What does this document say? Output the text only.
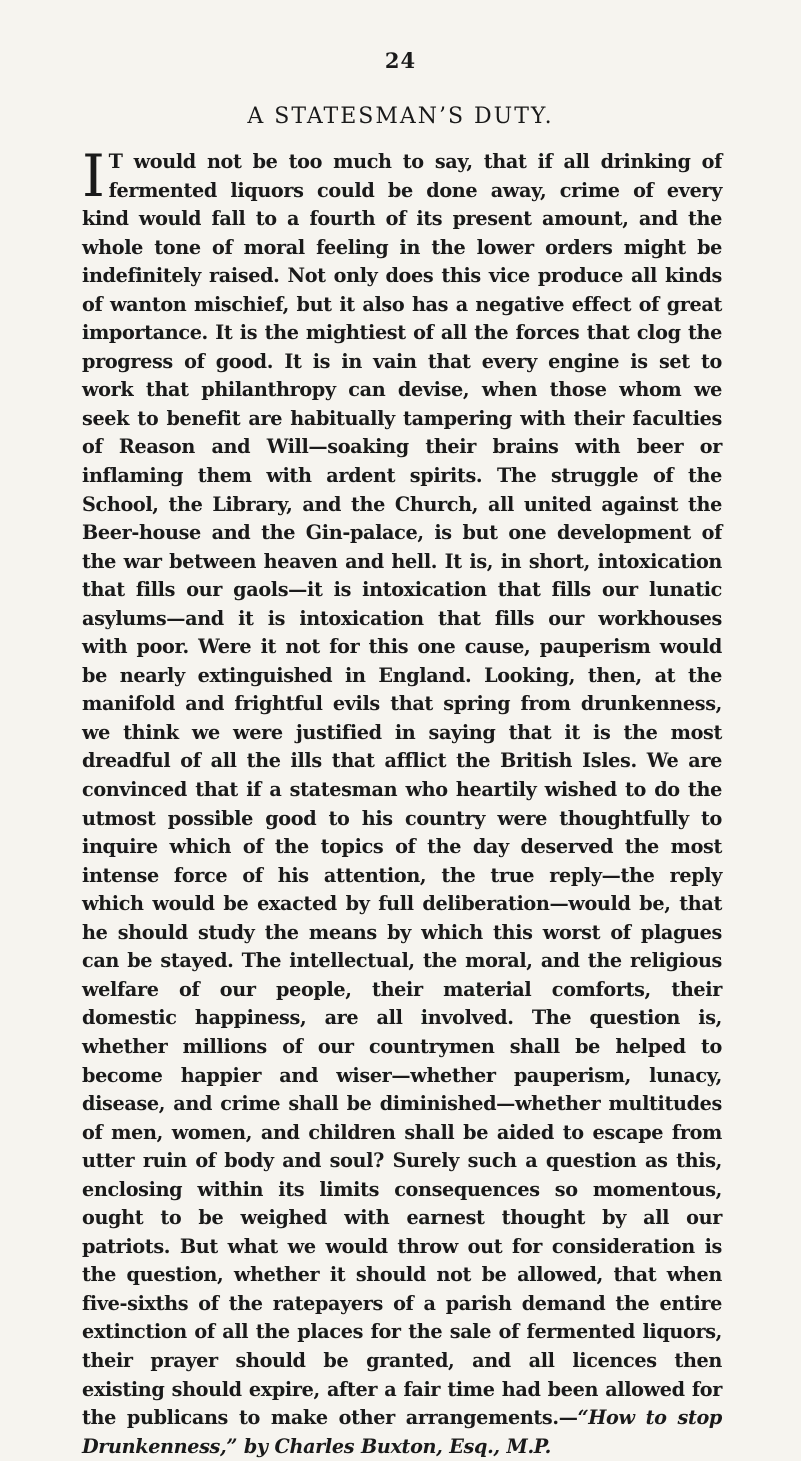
24
A STATESMAN’S DUTY.
I T would not be too much to say, that if all drinking of fermented liquors could be done away, crime of every kind would fall to a fourth of its present amount, and the whole tone of moral feeling in the lower orders might be indefinitely raised. Not only does this vice produce all kinds of wanton mischief, but it also has a negative effect of great importance. It is the mightiest of all the forces that clog the progress of good. It is in vain that every engine is set to work that philanthropy can devise, when those whom we seek to benefit are habitually tampering with their faculties of Reason and Will—soaking their brains with beer or inflaming them with ardent spirits. The struggle of the School, the Library, and the Church, all united against the Beer-house and the Gin-palace, is but one development of the war between heaven and hell. It is, in short, intoxication that fills our gaols—it is intoxication that fills our lunatic asylums—and it is intoxication that fills our workhouses with poor. Were it not for this one cause, pauperism would be nearly extinguished in England. Looking, then, at the manifold and frightful evils that spring from drunkenness, we think we were justified in saying that it is the most dreadful of all the ills that afflict the British Isles. We are convinced that if a statesman who heartily wished to do the utmost possible good to his country were thoughtfully to inquire which of the topics of the day deserved the most intense force of his attention, the true reply—the reply which would be exacted by full deliberation—would be, that he should study the means by which this worst of plagues can be stayed. The intellectual, the moral, and the religious welfare of our people, their material comforts, their domestic happiness, are all involved. The question is, whether millions of our countrymen shall be helped to become happier and wiser—whether pauperism, lunacy, disease, and crime shall be diminished—whether multitudes of men, women, and children shall be aided to escape from utter ruin of body and soul? Surely such a question as this, enclosing within its limits consequences so momentous, ought to be weighed with earnest thought by all our patriots. But what we would throw out for consideration is the question, whether it should not be allowed, that when five-sixths of the ratepayers of a parish demand the entire extinction of all the places for the sale of fermented liquors, their prayer should be granted, and all licences then existing should expire, after a fair time had been allowed for the publicans to make other arrangements.—“How to stop Drunkenness,” by Charles Buxton, Esq., M.P.
